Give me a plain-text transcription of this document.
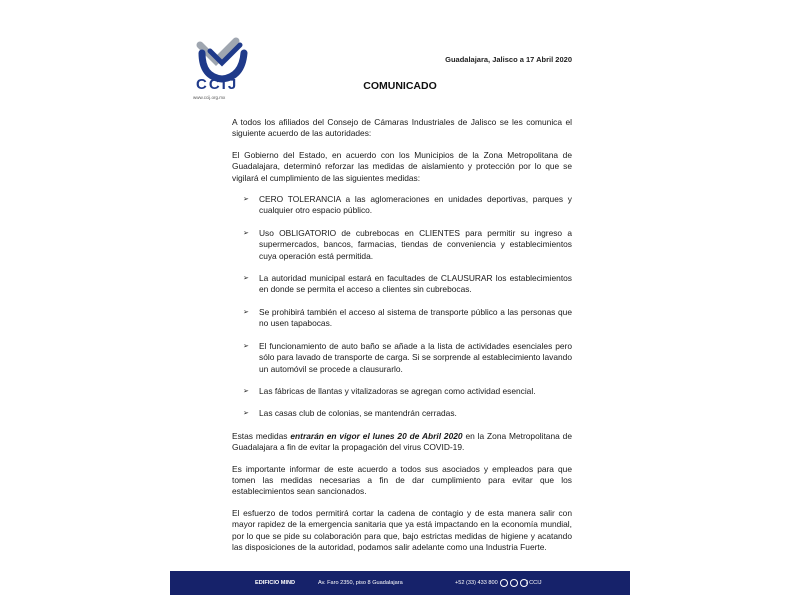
CCIJ
www.ccij.org.mx
Guadalajara, Jalisco a 17 Abril 2020
COMUNICADO

A todos los afiliados del Consejo de Cámaras Industriales de Jalisco se les comunica el siguiente acuerdo de las autoridades:

El Gobierno del Estado, en acuerdo con los Municipios de la Zona Metropolitana de Guadalajara, determinó reforzar las medidas de aislamiento y protección por lo que se vigilará el cumplimiento de las siguientes medidas:

➢ CERO TOLERANCIA a las aglomeraciones en unidades deportivas, parques y cualquier otro espacio público.
➢ Uso OBLIGATORIO de cubrebocas en CLIENTES para permitir su ingreso a supermercados, bancos, farmacias, tiendas de conveniencia y establecimientos cuya operación está permitida.
➢ La autoridad municipal estará en facultades de CLAUSURAR los establecimientos en donde se permita el acceso a clientes sin cubrebocas.
➢ Se prohibirá también el acceso al sistema de transporte público a las personas que no usen tapabocas.
➢ El funcionamiento de auto baño se añade a la lista de actividades esenciales pero sólo para lavado de transporte de carga. Si se sorprende al establecimiento lavando un automóvil se procede a clausurarlo.
➢ Las fábricas de llantas y vitalizadoras se agregan como actividad esencial.
➢ Las casas club de colonias, se mantendrán cerradas.

Estas medidas entrarán en vigor el lunes 20 de Abril 2020 en la Zona Metropolitana de Guadalajara a fin de evitar la propagación del virus COVID-19.

Es importante informar de este acuerdo a todos sus asociados y empleados para que tomen las medidas necesarias a fin de dar cumplimiento para evitar que los establecimientos sean sancionados.

El esfuerzo de todos permitirá cortar la cadena de contagio y de esta manera salir con mayor rapidez de la emergencia sanitaria que ya está impactando en la economía mundial, por lo que se pide su colaboración para que, bajo estrictas medidas de higiene y acatando las disposiciones de la autoridad, podamos salir adelante como una Industria Fuerte.

EDIFICIO MIND	Av. Faro 2350, piso 8 Guadalajara	+52 (33) 433 800	/ CCIJ
